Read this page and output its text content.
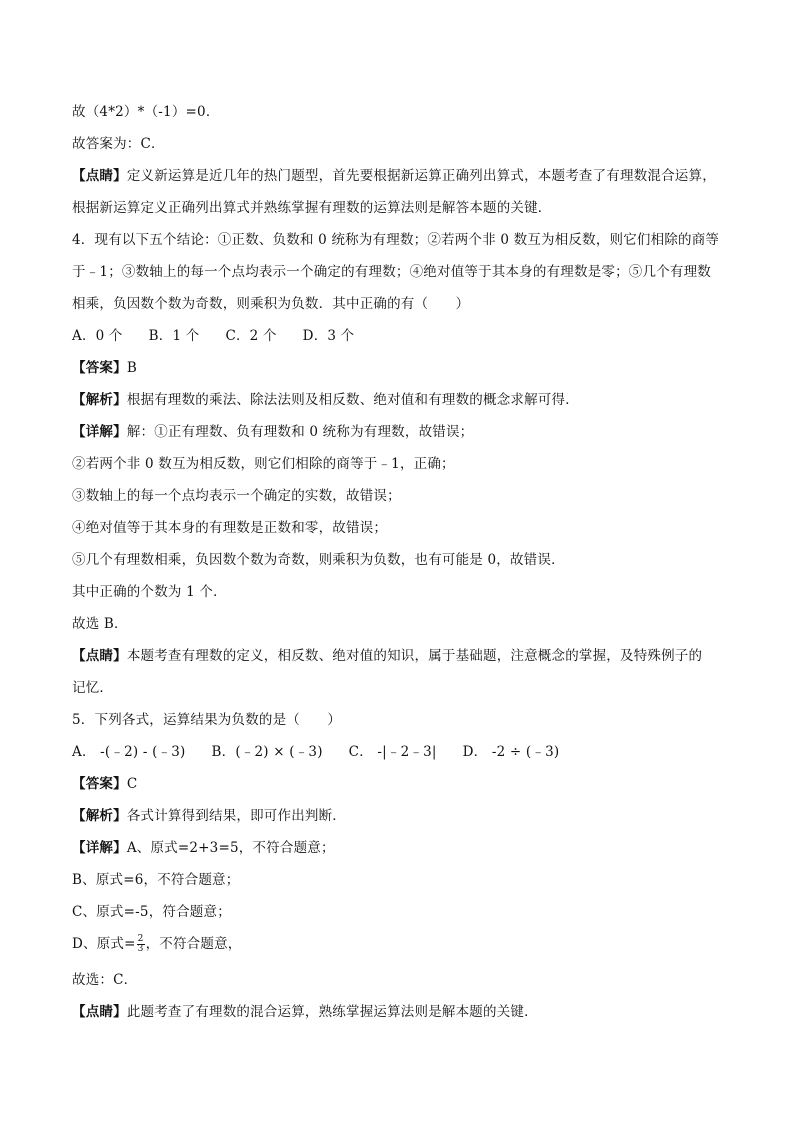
故（4*2）*（-1）=0．
故答案为：C．
【点睛】定义新运算是近几年的热门题型，首先要根据新运算正确列出算式，本题考查了有理数混合运算，
根据新运算定义正确列出算式并熟练掌握有理数的运算法则是解答本题的关键．
4．现有以下五个结论：①正数、负数和 0 统称为有理数；②若两个非 0 数互为相反数，则它们相除的商等
于﹣1；③数轴上的每一个点均表示一个确定的有理数；④绝对值等于其本身的有理数是零；⑤几个有理数
相乘，负因数个数为奇数，则乘积为负数．其中正确的有（　　）
A．0 个 B．1 个 C．2 个 D．3 个
【答案】B
【解析】根据有理数的乘法、除法法则及相反数、绝对值和有理数的概念求解可得．
【详解】解：①正有理数、负有理数和 0 统称为有理数，故错误；
②若两个非 0 数互为相反数，则它们相除的商等于﹣1，正确；
③数轴上的每一个点均表示一个确定的实数，故错误；
④绝对值等于其本身的有理数是正数和零，故错误；
⑤几个有理数相乘，负因数个数为奇数，则乘积为负数，也有可能是 0，故错误．
其中正确的个数为 1 个．
故选 B．
【点睛】本题考查有理数的定义，相反数、绝对值的知识，属于基础题，注意概念的掌握，及特殊例子的
记忆．
5．下列各式，运算结果为负数的是（　　）
A． -(﹣2) - (﹣3) B．(﹣2) × (﹣3) C． -|﹣2﹣3| D． -2 ÷ (﹣3)
【答案】C
【解析】各式计算得到结果，即可作出判断．
【详解】A、原式=2+3=5，不符合题意；
B、原式=6，不符合题意；
C、原式=-5，符合题意；
D、原式= $\frac{2}{3}$ ，不符合题意，
故选：C．
【点睛】此题考查了有理数的混合运算，熟练掌握运算法则是解本题的关键．
